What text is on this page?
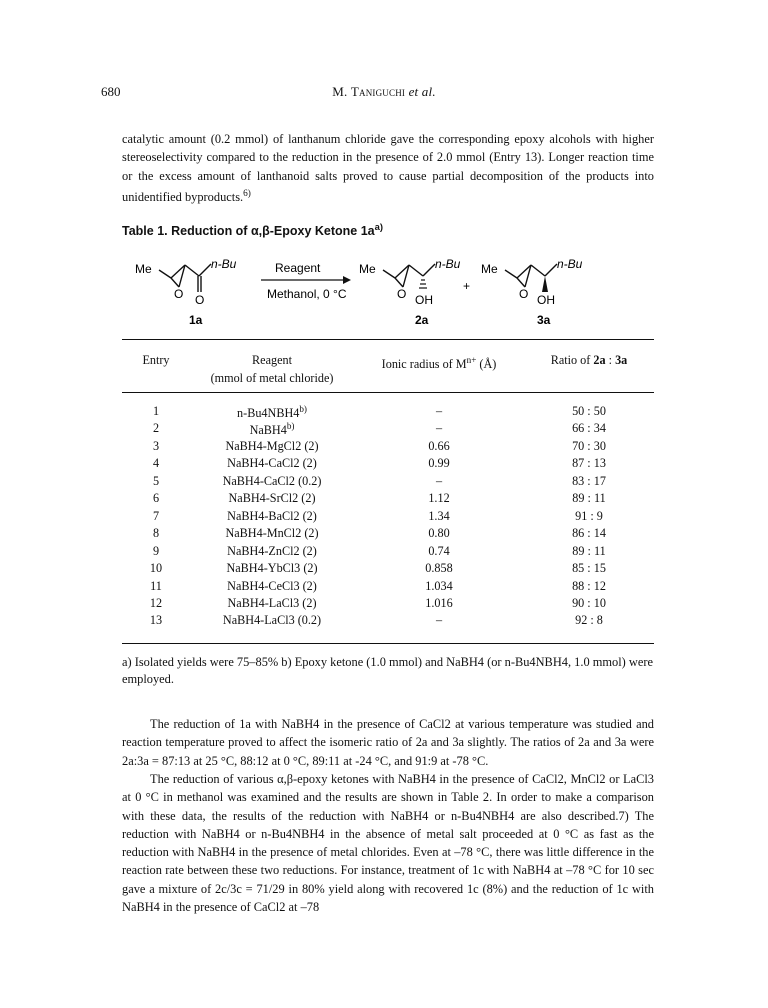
680	M. Taniguchi et al.
catalytic amount (0.2 mmol) of lanthanum chloride gave the corresponding epoxy alcohols with higher stereoselectivity compared to the reduction in the presence of 2.0 mmol (Entry 13). Longer reaction time or the excess amount of lanthanoid salts proved to cause partial decomposition of the products into unidentified byproducts.$^{6)}$
Table 1. Reduction of α,β-Epoxy Ketone $1a^{a)}$
Me
O O
n-Bu
1a
Reagent
Methanol, 0 °C
Me
O OH
n-Bu
2a
+
Me
O OH
n-Bu
3a
Entry	Reagent
(mmol of metal chloride)
Ionic radius of $M^{n+}$ (Å)	Ratio of 2a : 3a
1	n-Bu4NBH4$^{b)}$	–	50 : 50
2	NaBH4$^{b)}$	–	66 : 34
3	NaBH4-MgCl2 (2)	0.66	70 : 30
4	NaBH4-CaCl2 (2)	0.99	87 : 13
5	NaBH4-CaCl2 (0.2)	–	83 : 17
6	NaBH4-SrCl2 (2)	1.12	89 : 11
7	NaBH4-BaCl2 (2)	1.34	91 : 9
8	NaBH4-MnCl2 (2)	0.80	86 : 14
9	NaBH4-ZnCl2 (2)	0.74	89 : 11
10	NaBH4-YbCl3 (2)	0.858	85 : 15
11	NaBH4-CeCl3 (2)	1.034	88 : 12
12	NaBH4-LaCl3 (2)	1.016	90 : 10
13	NaBH4-LaCl3 (0.2)	–	92 : 8
a) Isolated yields were 75–85% b) Epoxy ketone (1.0 mmol) and NaBH4 (or n-Bu4NBH4, 1.0 mmol) were employed.
The reduction of 1a with NaBH4 in the presence of CaCl2 at various temperature was studied and reaction temperature proved to affect the isomeric ratio of 2a and 3a slightly. The ratios of 2a and 3a were 2a:3a = 87:13 at 25 °C, 88:12 at 0 °C, 89:11 at -24 °C, and 91:9 at -78 °C.
The reduction of various α,β-epoxy ketones with NaBH4 in the presence of CaCl2, MnCl2 or LaCl3 at 0 °C in methanol was examined and the results are shown in Table 2. In order to make a comparison with these data, the results of the reduction with NaBH4 or n-Bu4NBH4 are also described.7) The reduction with NaBH4 or n-Bu4NBH4 in the absence of metal salt proceeded at 0 °C as fast as the reduction with NaBH4 in the presence of metal chlorides. Even at –78 °C, there was little difference in the reaction rate between these two reductions. For instance, treatment of 1c with NaBH4 at –78 °C for 10 sec gave a mixture of 2c/3c = 71/29 in 80% yield along with recovered 1c (8%) and the reduction of 1c with NaBH4 in the presence of CaCl2 at –78
